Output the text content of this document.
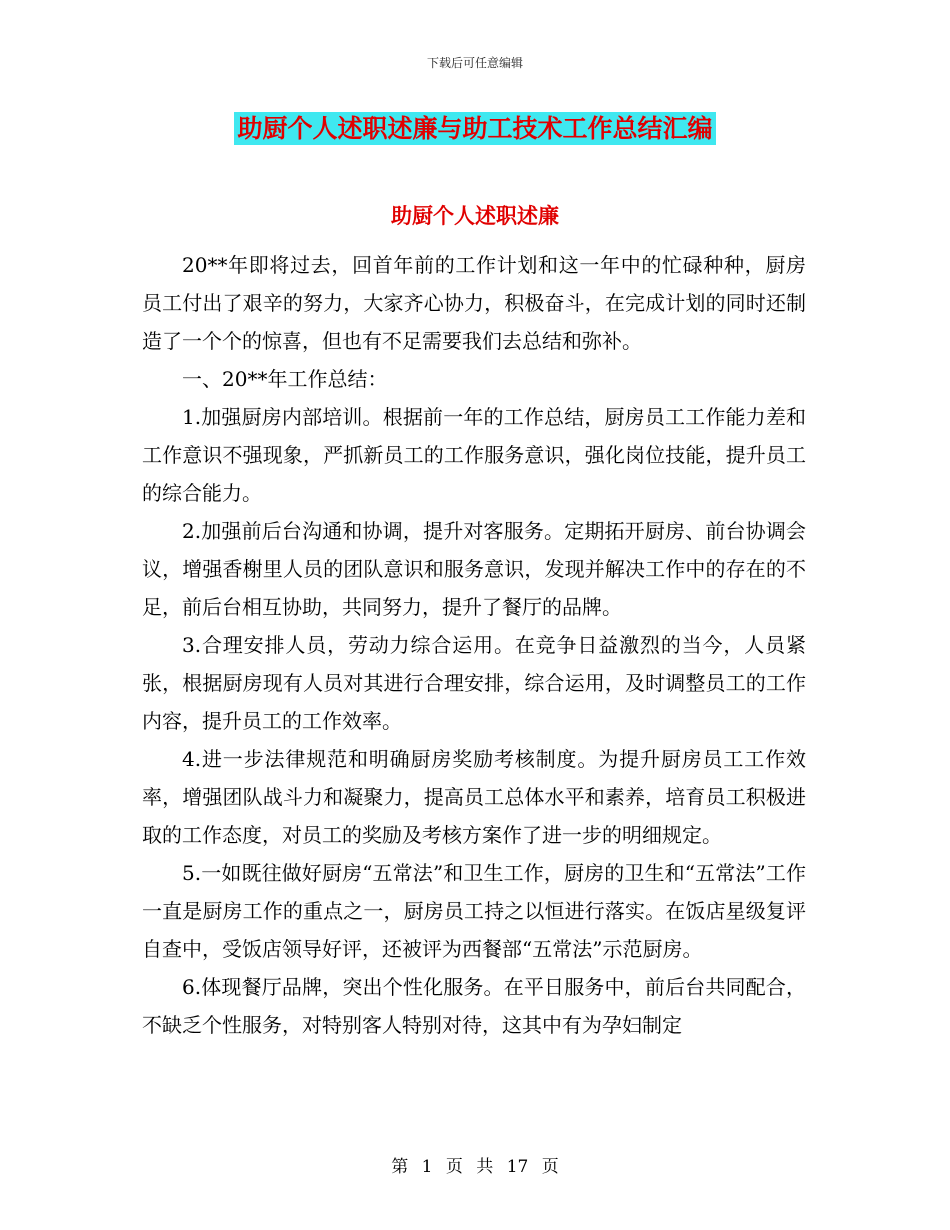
下载后可任意编辑
助厨个人述职述廉与助工技术工作总结汇编
助厨个人述职述廉

20**年即将过去，回首年前的工作计划和这一年中的忙碌种种，厨房员工付出了艰辛的努力，大家齐心协力，积极奋斗，在完成计划的同时还制造了一个个的惊喜，但也有不足需要我们去总结和弥补。

一、20**年工作总结：

1.加强厨房内部培训。根据前一年的工作总结，厨房员工工作能力差和工作意识不强现象，严抓新员工的工作服务意识，强化岗位技能，提升员工的综合能力。

2.加强前后台沟通和协调，提升对客服务。定期拓开厨房、前台协调会议，增强香榭里人员的团队意识和服务意识，发现并解决工作中的存在的不足，前后台相互协助，共同努力，提升了餐厅的品牌。

3.合理安排人员，劳动力综合运用。在竞争日益激烈的当今，人员紧张，根据厨房现有人员对其进行合理安排，综合运用，及时调整员工的工作内容，提升员工的工作效率。

4.进一步法律规范和明确厨房奖励考核制度。为提升厨房员工工作效率，增强团队战斗力和凝聚力，提高员工总体水平和素养，培育员工积极进取的工作态度，对员工的奖励及考核方案作了进一步的明细规定。

5.一如既往做好厨房“五常法”和卫生工作，厨房的卫生和“五常法”工作一直是厨房工作的重点之一，厨房员工持之以恒进行落实。在饭店星级复评自查中，受饭店领导好评，还被评为西餐部“五常法”示范厨房。

6.体现餐厅品牌，突出个性化服务。在平日服务中，前后台共同配合，不缺乏个性服务，对特别客人特别对待，这其中有为孕妇制定

第 1 页 共 17 页
